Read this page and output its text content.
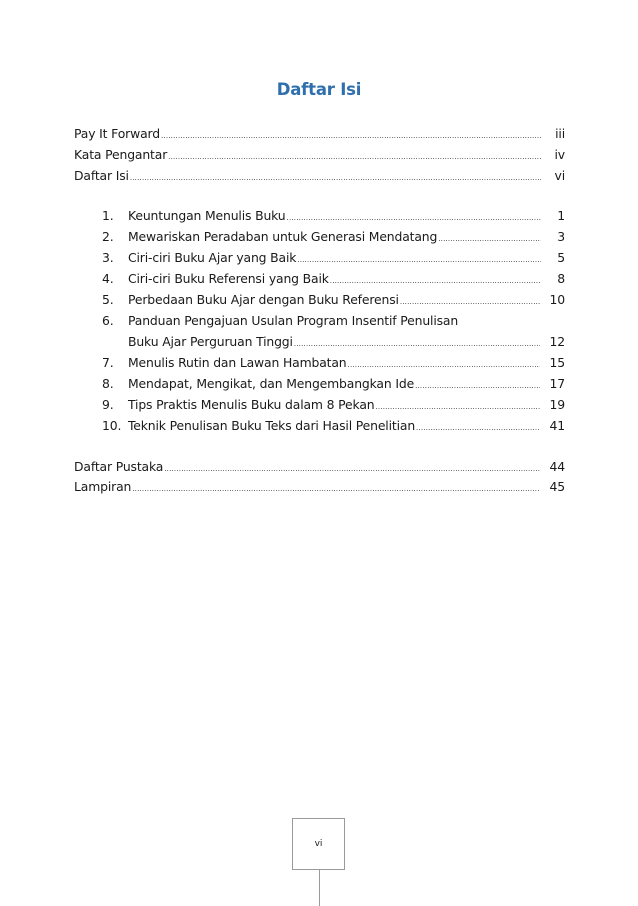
Daftar Isi
Pay It Forward .....	iii
Kata Pengantar .....	iv
Daftar Isi .....	vi
1.	Keuntungan Menulis Buku .....	1
2.	Mewariskan Peradaban untuk Generasi Mendatang .....	3
3.	Ciri-ciri Buku Ajar yang Baik .....	5
4.	Ciri-ciri Buku Referensi yang Baik .....	8
5.	Perbedaan Buku Ajar dengan Buku Referensi .....	10
6.	Panduan Pengajuan Usulan Program Insentif Penulisan
Buku Ajar Perguruan Tinggi .....	12
7.	Menulis Rutin dan Lawan Hambatan .....	15
8.	Mendapat, Mengikat, dan Mengembangkan Ide .....	17
9.	Tips Praktis Menulis Buku dalam 8 Pekan .....	19
10. Teknik Penulisan Buku Teks dari Hasil Penelitian .....	41
Daftar Pustaka .....	44
Lampiran .....	45
vi
